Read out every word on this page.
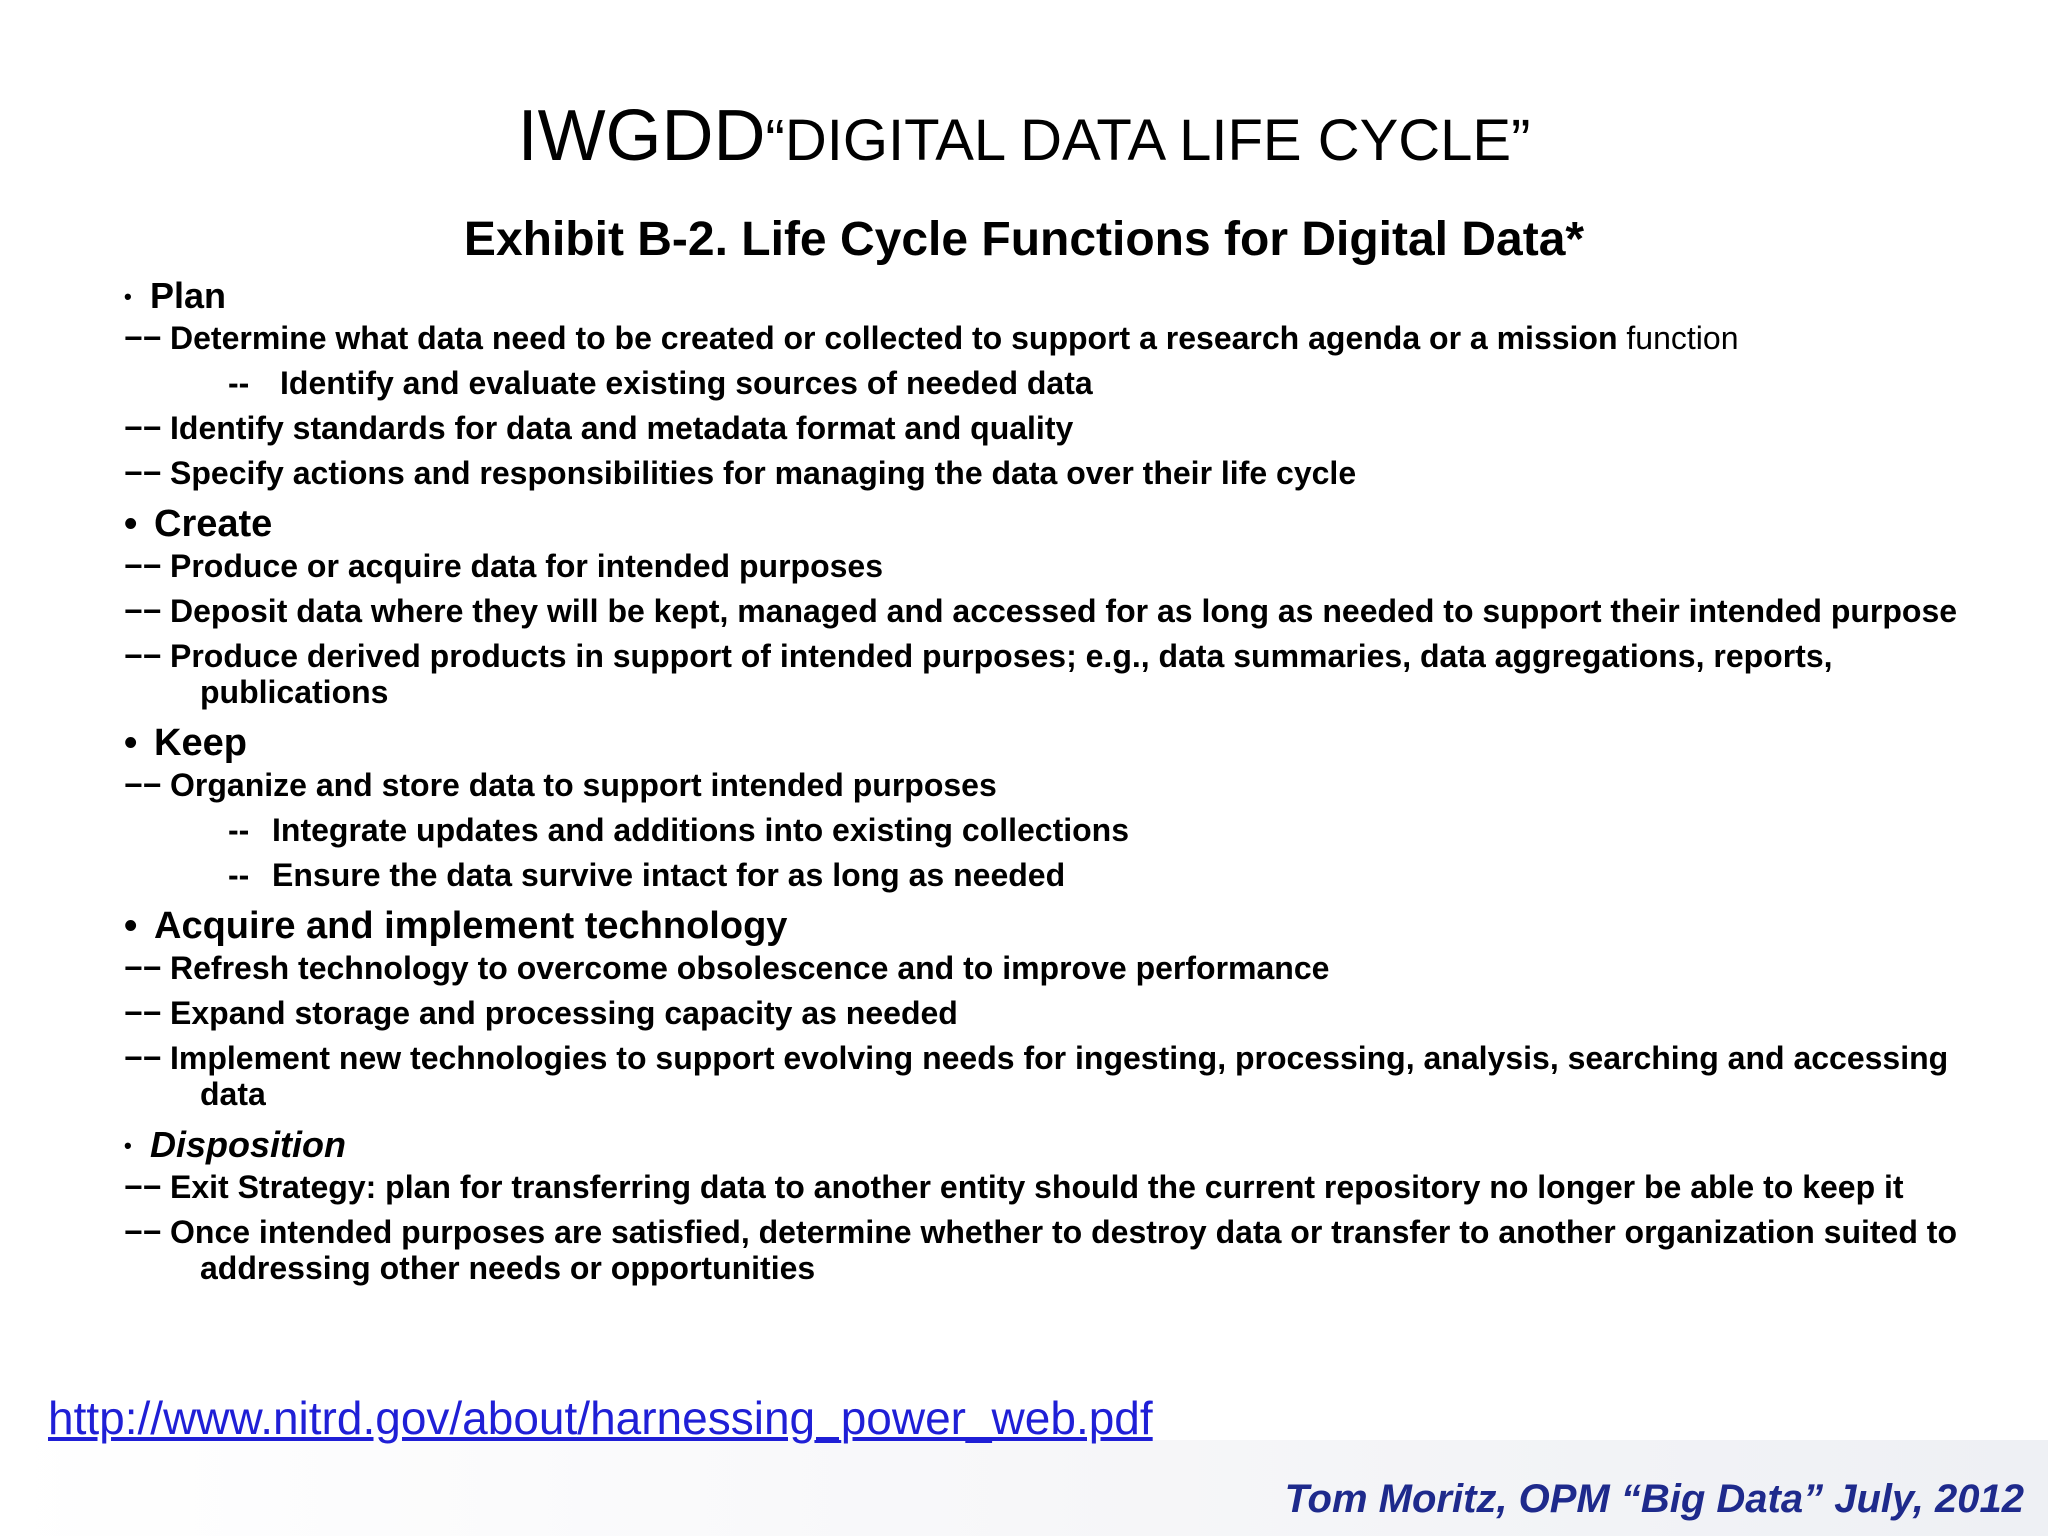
IWGDD“DIGITAL DATA LIFE CYCLE”
Exhibit B-2. Life Cycle Functions for Digital Data*
• Plan
−− Determine what data need to be created or collected to support a research agenda or a mission function
-- Identify and evaluate existing sources of needed data
−− Identify standards for data and metadata format and quality
−− Specify actions and responsibilities for managing the data over their life cycle
• Create
−− Produce or acquire data for intended purposes
−− Deposit data where they will be kept, managed and accessed for as long as needed to support their intended purpose
−− Produce derived products in support of intended purposes; e.g., data summaries, data aggregations, reports, publications
• Keep
−− Organize and store data to support intended purposes
-- Integrate updates and additions into existing collections
-- Ensure the data survive intact for as long as needed
• Acquire and implement technology
−− Refresh technology to overcome obsolescence and to improve performance
−− Expand storage and processing capacity as needed
−− Implement new technologies to support evolving needs for ingesting, processing, analysis, searching and accessing data
• Disposition
−− Exit Strategy: plan for transferring data to another entity should the current repository no longer be able to keep it
−− Once intended purposes are satisfied, determine whether to destroy data or transfer to another organization suited to addressing other needs or opportunities
http://www.nitrd.gov/about/harnessing_power_web.pdf
Tom Moritz, OPM “Big Data” July, 2012
